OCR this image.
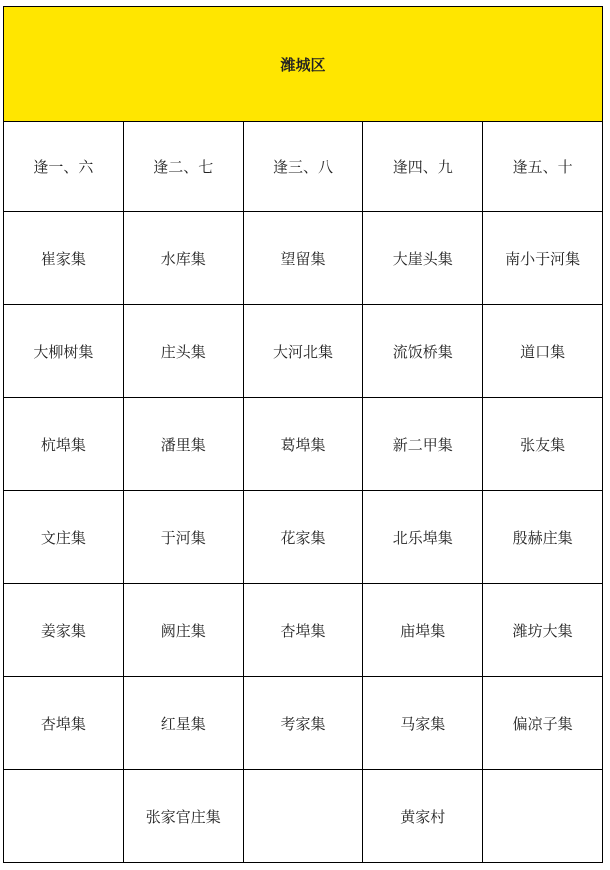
潍城区				
逢一、六	逢二、七	逢三、八	逢四、九	逢五、十
崔家集	水库集	望留集	大崖头集	南小于河集
大柳树集	庄头集	大河北集	流饭桥集	道口集
杭埠集	潘里集	葛埠集	新二甲集	张友集
文庄集	于河集	花家集	北乐埠集	殷赫庄集
姜家集	阙庄集	杏埠集	庙埠集	潍坊大集
杏埠集	红星集	考家集	马家集	偏凉子集
	张家官庄集		黄家村	
